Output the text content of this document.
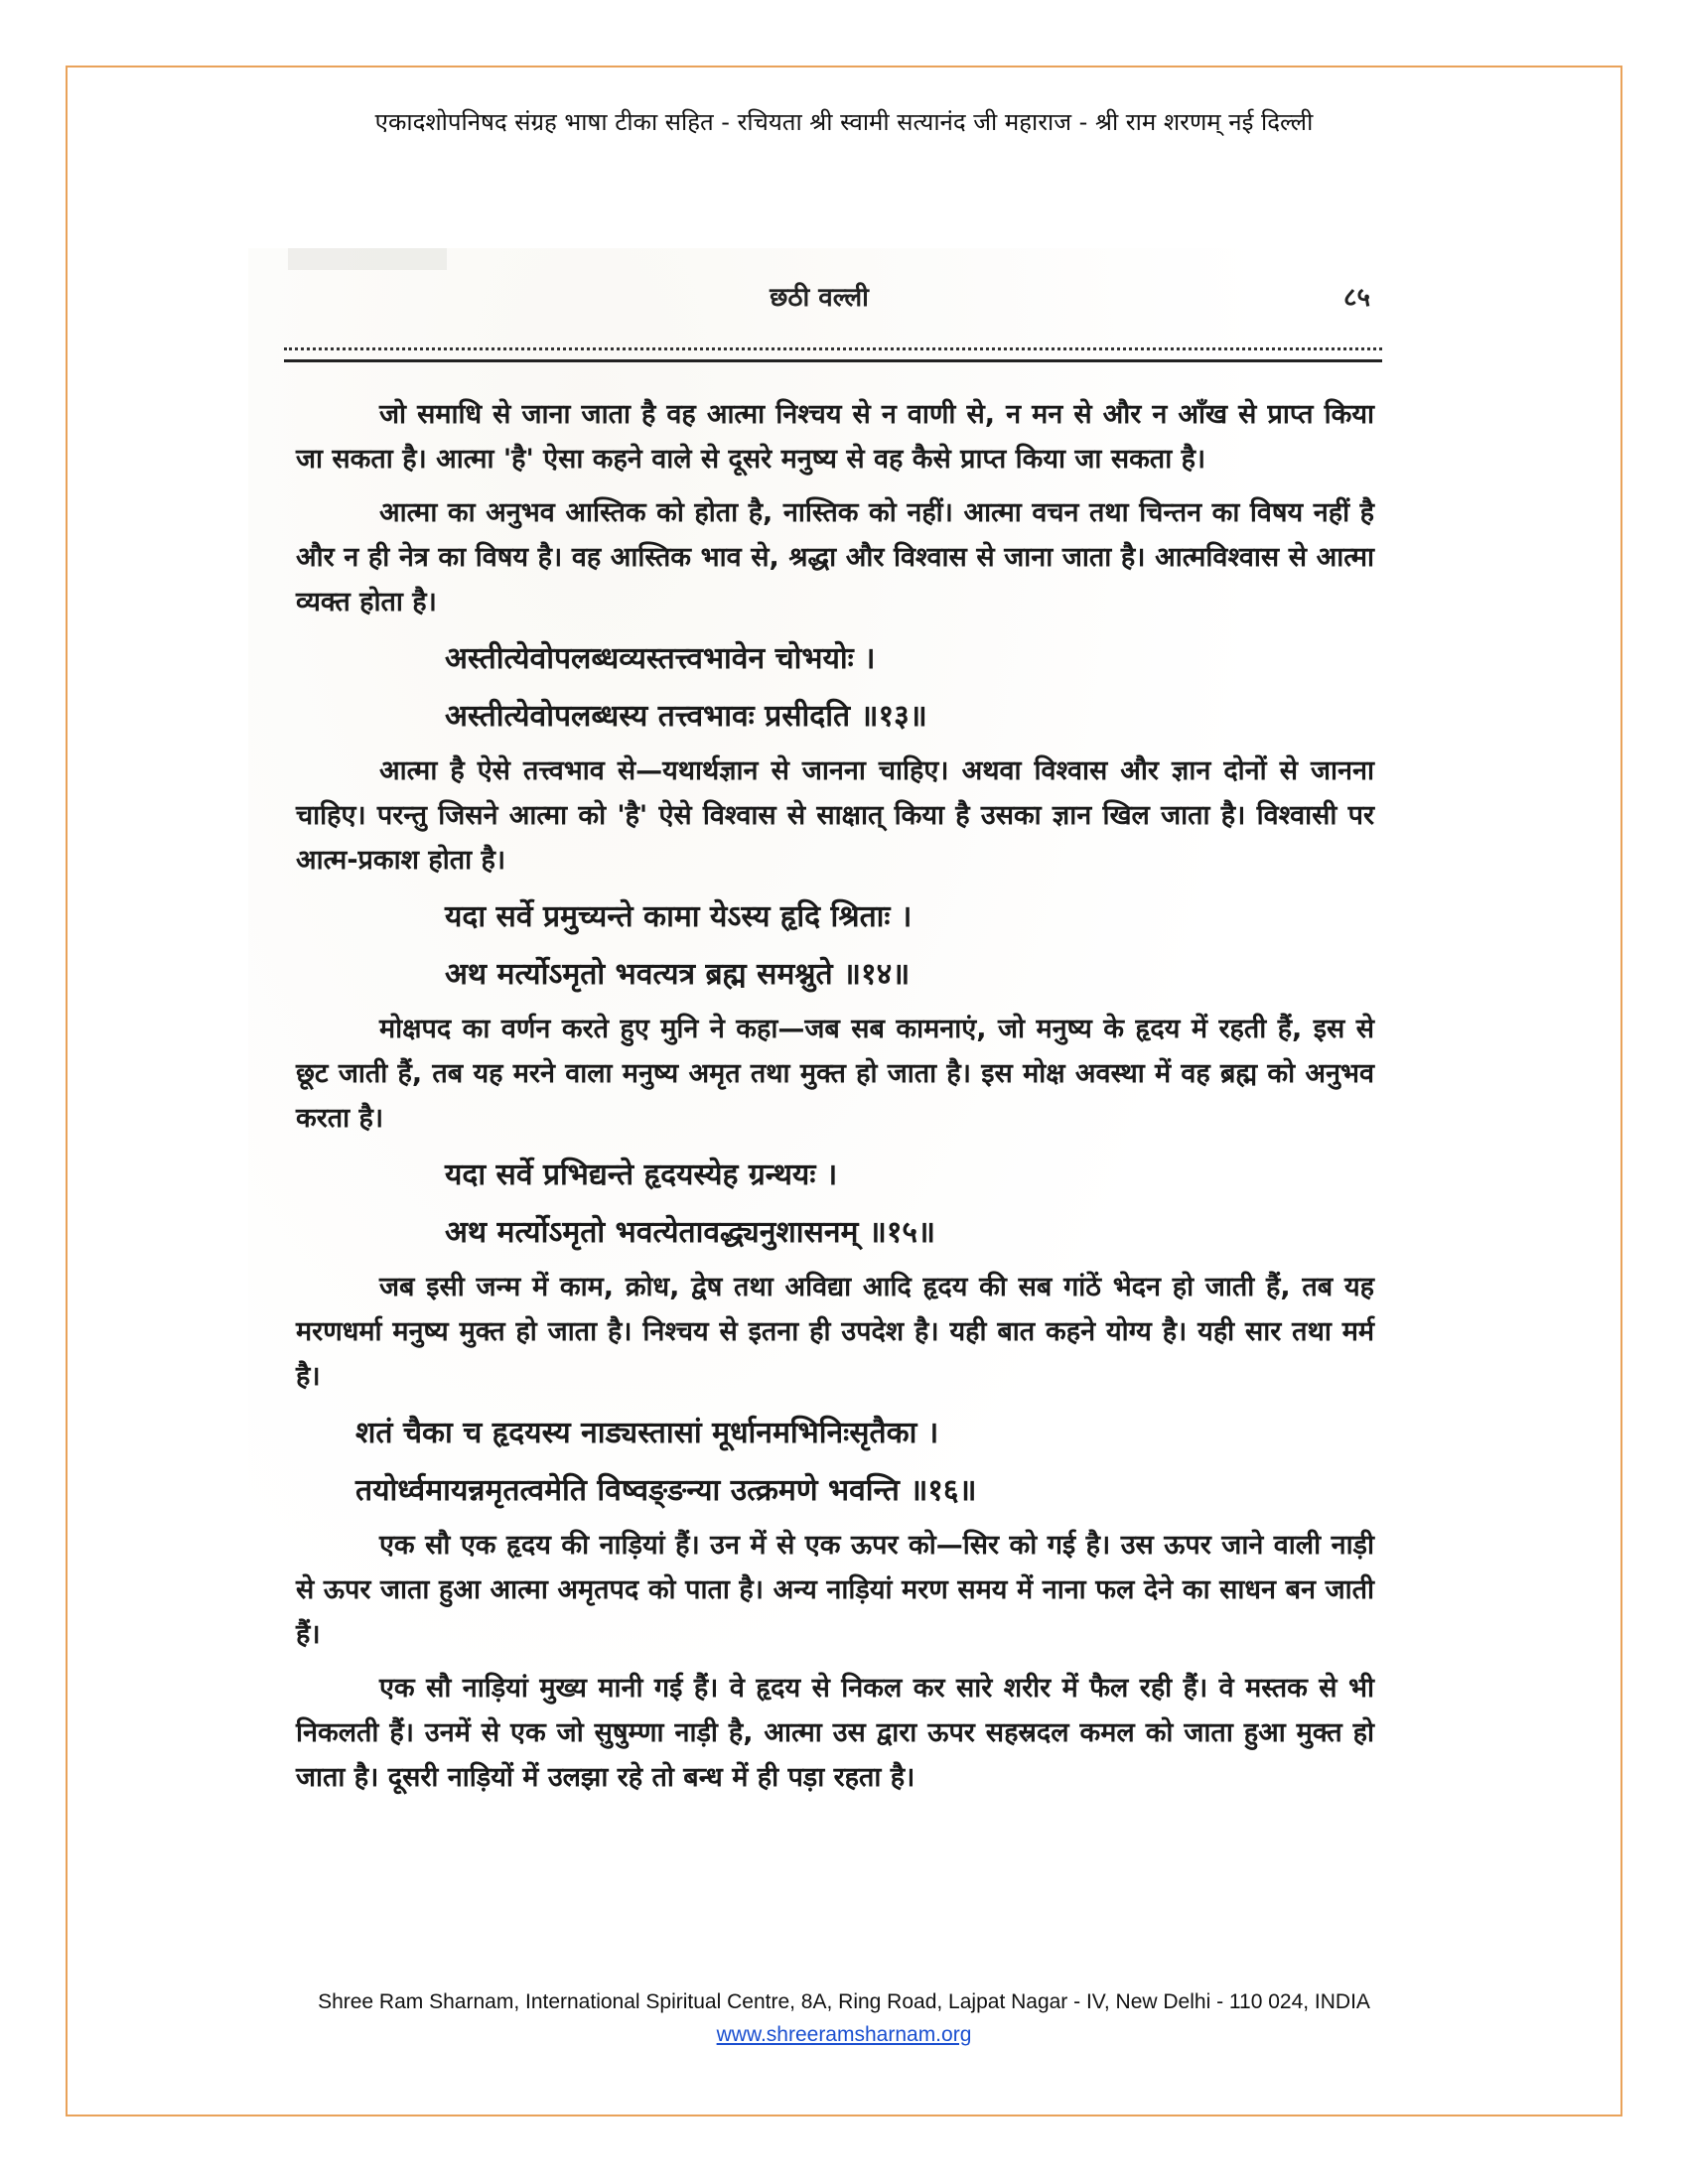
एकादशोपनिषद संग्रह भाषा टीका सहित - रचियता श्री स्वामी सत्यानंद जी महाराज - श्री राम शरणम् नई दिल्ली
छठी वल्ली	८५

जो समाधि से जाना जाता है वह आत्मा निश्चय से न वाणी से, न मन से और न आँख से प्राप्त किया जा सकता है। आत्मा 'है' ऐसा कहने वाले से दूसरे मनुष्य से वह कैसे प्राप्त किया जा सकता है।

आत्मा का अनुभव आस्तिक को होता है, नास्तिक को नहीं। आत्मा वचन तथा चिन्तन का विषय नहीं है और न ही नेत्र का विषय है। वह आस्तिक भाव से, श्रद्धा और विश्वास से जाना जाता है। आत्मविश्वास से आत्मा व्यक्त होता है।

अस्तीत्येवोपलब्धव्यस्तत्त्वभावेन चोभयोः ।
अस्तीत्येवोपलब्धस्य तत्त्वभावः प्रसीदति ॥१३॥

आत्मा है ऐसे तत्त्वभाव से—यथार्थज्ञान से जानना चाहिए। अथवा विश्वास और ज्ञान दोनों से जानना चाहिए। परन्तु जिसने आत्मा को 'है' ऐसे विश्वास से साक्षात् किया है उसका ज्ञान खिल जाता है। विश्वासी पर आत्म-प्रकाश होता है।

यदा सर्वे प्रमुच्यन्ते कामा येऽस्य हृदि श्रिताः ।
अथ मर्त्योऽमृतो भवत्यत्र ब्रह्म समश्नुते ॥१४॥

मोक्षपद का वर्णन करते हुए मुनि ने कहा—जब सब कामनाएं, जो मनुष्य के हृदय में रहती हैं, इस से छूट जाती हैं, तब यह मरने वाला मनुष्य अमृत तथा मुक्त हो जाता है। इस मोक्ष अवस्था में वह ब्रह्म को अनुभव करता है।

यदा सर्वे प्रभिद्यन्ते हृदयस्येह ग्रन्थयः ।
अथ मर्त्योऽमृतो भवत्येतावद्ध्यनुशासनम् ॥१५॥

जब इसी जन्म में काम, क्रोध, द्वेष तथा अविद्या आदि हृदय की सब गांठें भेदन हो जाती हैं, तब यह मरणधर्मा मनुष्य मुक्त हो जाता है। निश्चय से इतना ही उपदेश है। यही बात कहने योग्य है। यही सार तथा मर्म है।

शतं चैका च हृदयस्य नाड्यस्तासां मूर्धानमभिनिःसृतैका ।
तयोर्ध्वमायन्नमृतत्वमेति विष्वङ्ङन्या उत्क्रमणे भवन्ति ॥१६॥

एक सौ एक हृदय की नाड़ियां हैं। उन में से एक ऊपर को—सिर को गई है। उस ऊपर जाने वाली नाड़ी से ऊपर जाता हुआ आत्मा अमृतपद को पाता है। अन्य नाड़ियां मरण समय में नाना फल देने का साधन बन जाती हैं।

एक सौ नाड़ियां मुख्य मानी गई हैं। वे हृदय से निकल कर सारे शरीर में फैल रही हैं। वे मस्तक से भी निकलती हैं। उनमें से एक जो सुषुम्णा नाड़ी है, आत्मा उस द्वारा ऊपर सहस्रदल कमल को जाता हुआ मुक्त हो जाता है। दूसरी नाड़ियों में उलझा रहे तो बन्ध में ही पड़ा रहता है।

Shree Ram Sharnam, International Spiritual Centre, 8A, Ring Road, Lajpat Nagar - IV, New Delhi - 110 024, INDIA
www.shreeramsharnam.org
